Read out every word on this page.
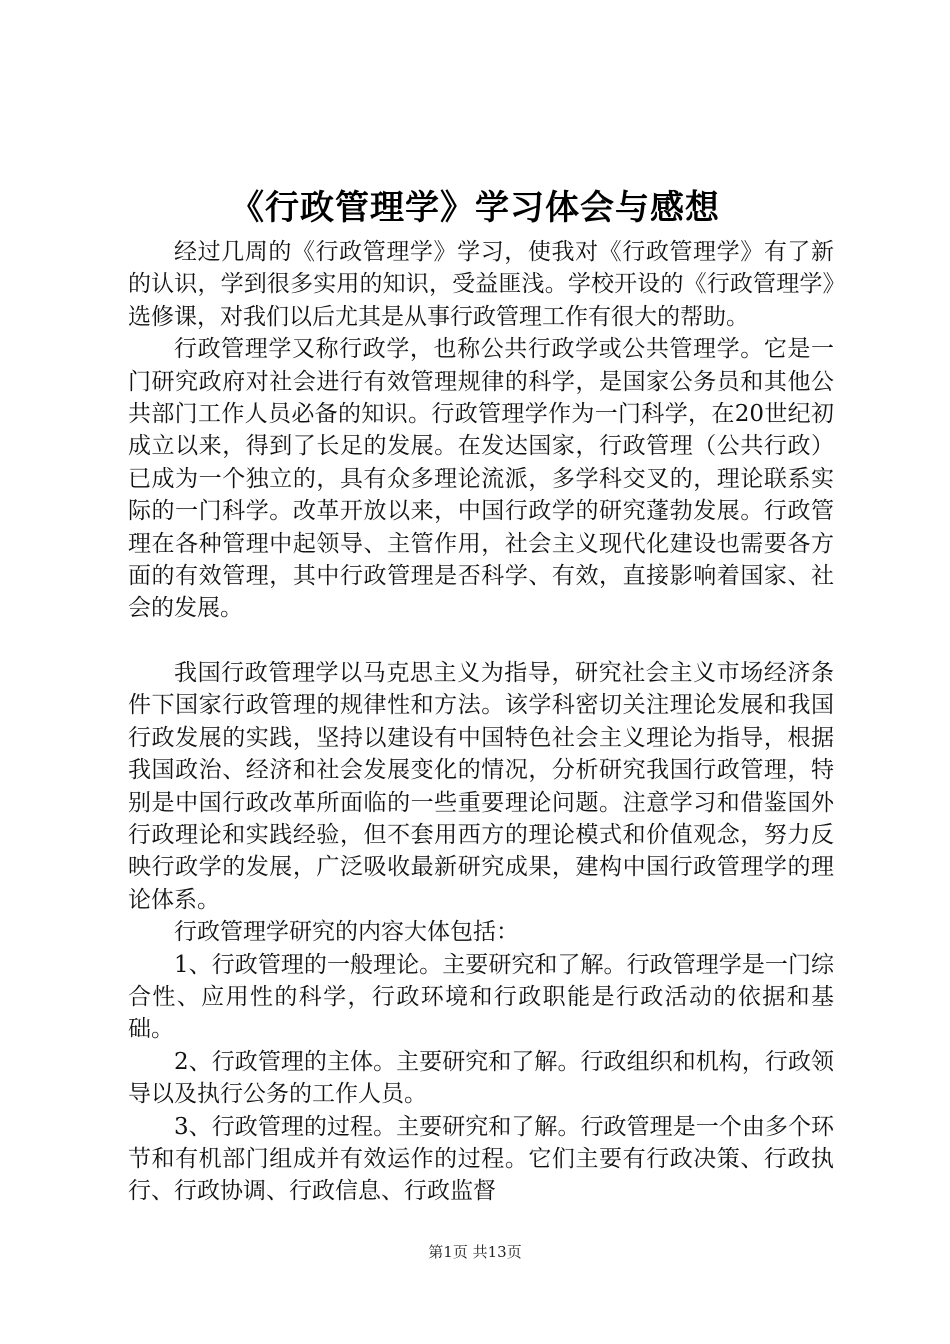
《行政管理学》学习体会与感想

经过几周的《行政管理学》学习，使我对《行政管理学》有了新的认识，学到很多实用的知识，受益匪浅。学校开设的《行政管理学》选修课，对我们以后尤其是从事行政管理工作有很大的帮助。

行政管理学又称行政学，也称公共行政学或公共管理学。它是一门研究政府对社会进行有效管理规律的科学，是国家公务员和其他公共部门工作人员必备的知识。行政管理学作为一门科学，在20世纪初成立以来，得到了长足的发展。在发达国家，行政管理（公共行政）已成为一个独立的，具有众多理论流派，多学科交叉的，理论联系实际的一门科学。改革开放以来，中国行政学的研究蓬勃发展。行政管理在各种管理中起领导、主管作用，社会主义现代化建设也需要各方面的有效管理，其中行政管理是否科学、有效，直接影响着国家、社会的发展。

我国行政管理学以马克思主义为指导，研究社会主义市场经济条件下国家行政管理的规律性和方法。该学科密切关注理论发展和我国行政发展的实践，坚持以建设有中国特色社会主义理论为指导，根据我国政治、经济和社会发展变化的情况，分析研究我国行政管理，特别是中国行政改革所面临的一些重要理论问题。注意学习和借鉴国外行政理论和实践经验，但不套用西方的理论模式和价值观念，努力反映行政学的发展，广泛吸收最新研究成果，建构中国行政管理学的理论体系。

行政管理学研究的内容大体包括：

1、行政管理的一般理论。主要研究和了解。行政管理学是一门综合性、应用性的科学，行政环境和行政职能是行政活动的依据和基础。

2、行政管理的主体。主要研究和了解。行政组织和机构，行政领导以及执行公务的工作人员。

3、行政管理的过程。主要研究和了解。行政管理是一个由多个环节和有机部门组成并有效运作的过程。它们主要有行政决策、行政执行、行政协调、行政信息、行政监督

第1页 共13页
